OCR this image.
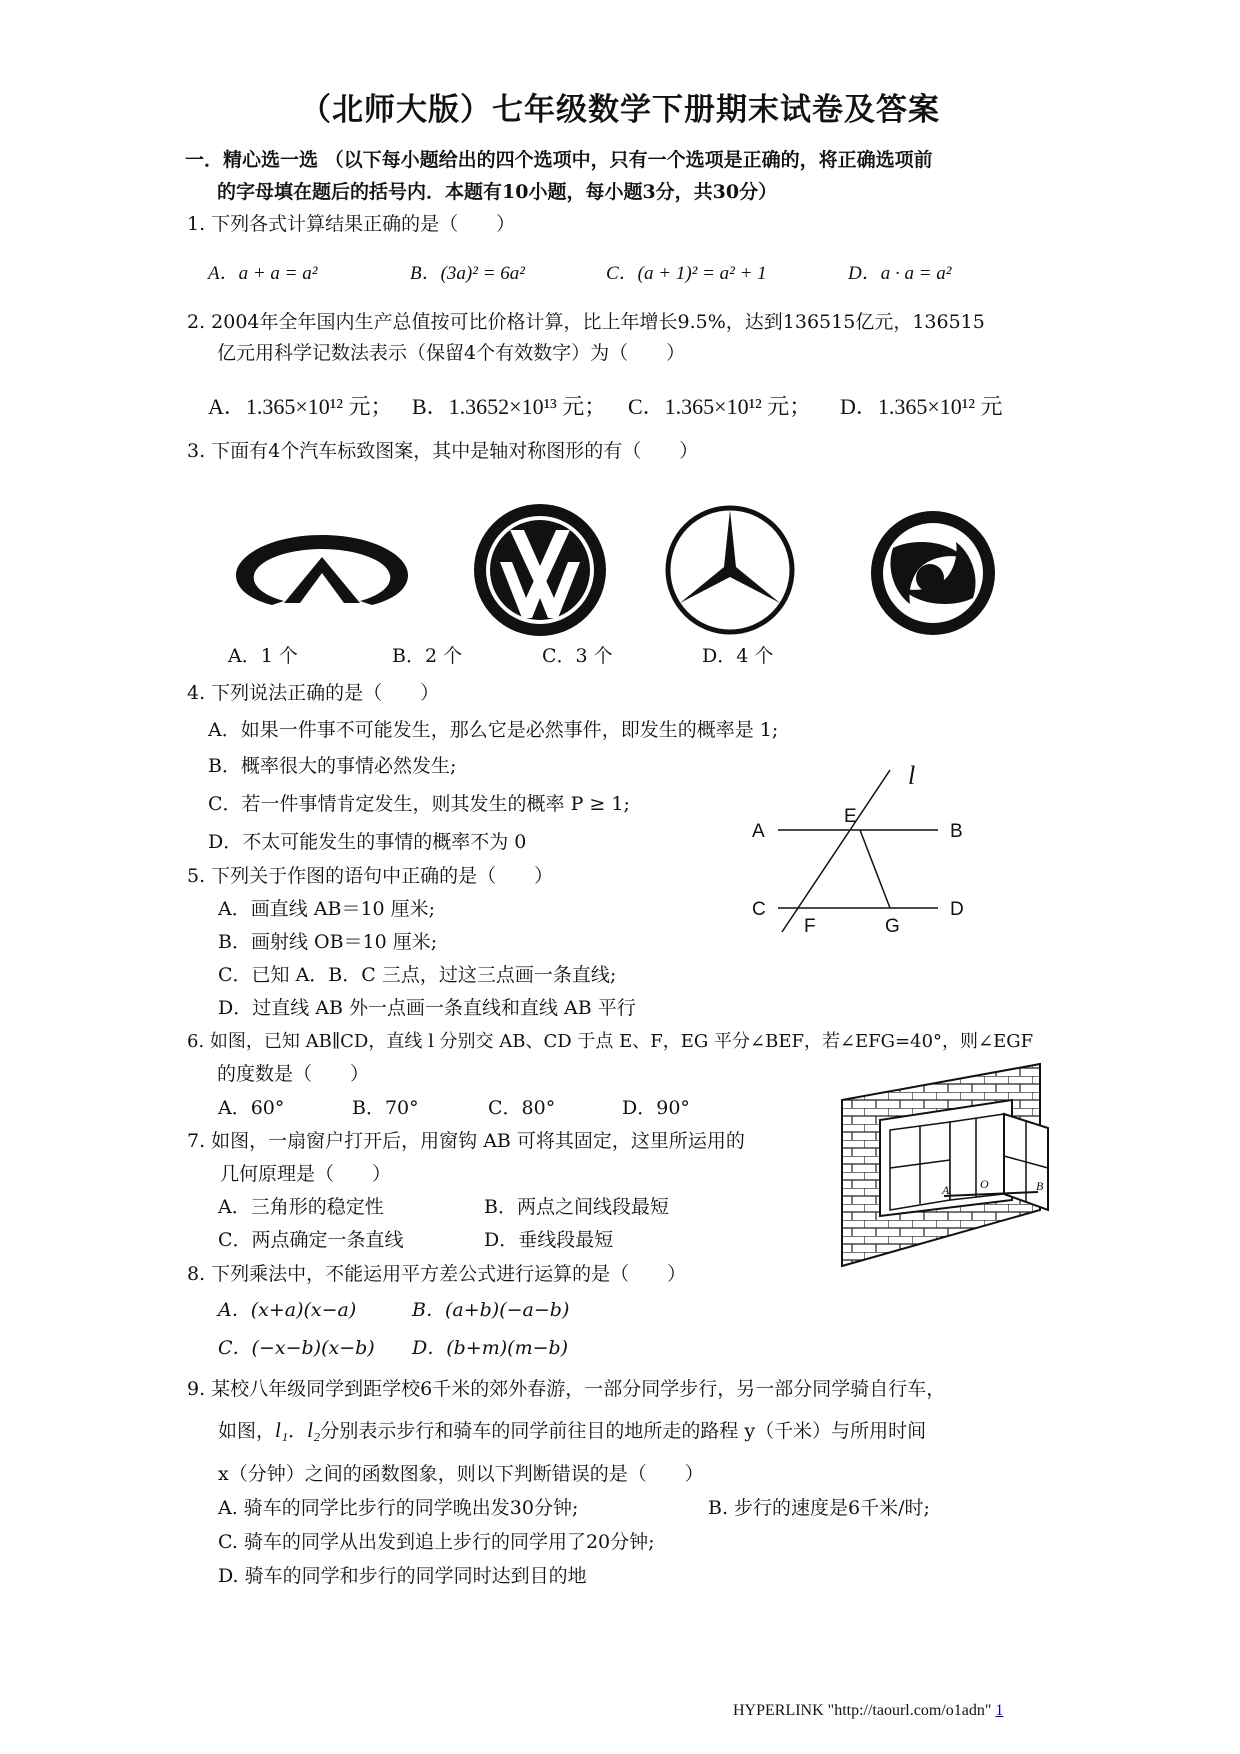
（北师大版）七年级数学下册期末试卷及答案
一．精心选一选 （以下每小题给出的四个选项中，只有一个选项是正确的，将正确选项前
的字母填在题后的括号内．本题有10小题，每小题3分，共30分）
1. 下列各式计算结果正确的是（　　）
A．a + a = a²	B．(3a)² = 6a²	C．(a + 1)² = a² + 1	D．a · a = a²
2. 2004年全年国内生产总值按可比价格计算，比上年增长9.5%，达到136515亿元，136515
亿元用科学记数法表示（保留4个有效数字）为（　　）
A．1.365×10¹² 元； B．1.3652×10¹³ 元； C．1.365×10¹² 元； D．1.365×10¹² 元
3. 下面有4个汽车标致图案，其中是轴对称图形的有（　　）
A．1 个	B．2 个	C．3 个	D．4 个
4. 下列说法正确的是（　　）
A．如果一件事不可能发生，那么它是必然事件，即发生的概率是 1;
B．概率很大的事情必然发生;
C．若一件事情肯定发生，则其发生的概率 P ≥ 1;
D．不太可能发生的事情的概率不为 0
l
A
E
B
C
F	G
D
5. 下列关于作图的语句中正确的是（　　）
A．画直线 AB＝10 厘米;
B．画射线 OB＝10 厘米;
C．已知 A．B．C 三点，过这三点画一条直线;
D．过直线 AB 外一点画一条直线和直线 AB 平行
6. 如图，已知 AB∥CD，直线 l 分别交 AB、CD 于点 E、F，EG 平分∠BEF，若∠EFG=40°，则∠EGF
的度数是（　　）
A．60°	B．70°	C．80°	D．90°
A	O	B
7. 如图，一扇窗户打开后，用窗钩 AB 可将其固定，这里所运用的
几何原理是（　　）
A．三角形的稳定性	B．两点之间线段最短
C．两点确定一条直线	D．垂线段最短
8. 下列乘法中，不能运用平方差公式进行运算的是（　　）
A．(x+a)(x−a)	B．(a+b)(−a−b)
C．(−x−b)(x−b) D．(b+m)(m−b)
9. 某校八年级同学到距学校6千米的郊外春游，一部分同学步行，另一部分同学骑自行车，
如图，l₁．l₂分别表示步行和骑车的同学前往目的地所走的路程 y（千米）与所用时间
x（分钟）之间的函数图象，则以下判断错误的是（　　）
A. 骑车的同学比步行的同学晚出发30分钟;	B. 步行的速度是6千米/时;
C. 骑车的同学从出发到追上步行的同学用了20分钟;
D. 骑车的同学和步行的同学同时达到目的地
HYPERLINK "http://taourl.com/o1adn" 1
